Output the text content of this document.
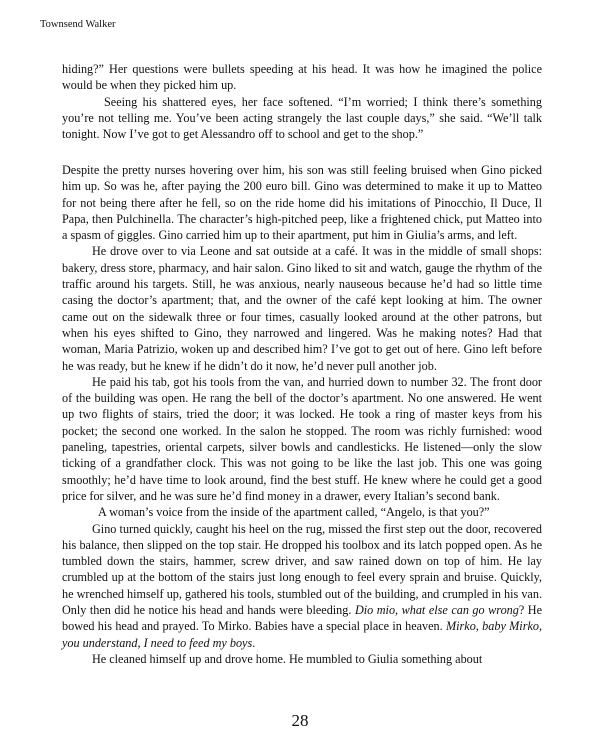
Townsend Walker

hiding?” Her questions were bullets speeding at his head. It was how he imagined the police would be when they picked him up.

Seeing his shattered eyes, her face softened. “I’m worried; I think there’s something you’re not telling me. You’ve been acting strangely the last couple days,” she said. “We’ll talk tonight. Now I’ve got to get Alessandro off to school and get to the shop.”

Despite the pretty nurses hovering over him, his son was still feeling bruised when Gino picked him up. So was he, after paying the 200 euro bill. Gino was determined to make it up to Matteo for not being there after he fell, so on the ride home did his imitations of Pinocchio, Il Duce, Il Papa, then Pulchinella. The character’s high-pitched peep, like a frightened chick, put Matteo into a spasm of giggles. Gino carried him up to their apartment, put him in Giulia’s arms, and left.

He drove over to via Leone and sat outside at a café. It was in the middle of small shops: bakery, dress store, pharmacy, and hair salon. Gino liked to sit and watch, gauge the rhythm of the traffic around his targets. Still, he was anxious, nearly nauseous because he’d had so little time casing the doctor’s apartment; that, and the owner of the café kept looking at him. The owner came out on the sidewalk three or four times, casually looked around at the other patrons, but when his eyes shifted to Gino, they narrowed and lingered. Was he making notes? Had that woman, Maria Patrizio, woken up and described him? I’ve got to get out of here. Gino left before he was ready, but he knew if he didn’t do it now, he’d never pull another job.

He paid his tab, got his tools from the van, and hurried down to number 32. The front door of the building was open. He rang the bell of the doctor’s apartment. No one answered. He went up two flights of stairs, tried the door; it was locked. He took a ring of master keys from his pocket; the second one worked. In the salon he stopped. The room was richly furnished: wood paneling, tapestries, oriental carpets, silver bowls and candlesticks. He listened—only the slow ticking of a grandfather clock. This was not going to be like the last job. This one was going smoothly; he’d have time to look around, find the best stuff. He knew where he could get a good price for silver, and he was sure he’d find money in a drawer, every Italian’s second bank.

A woman’s voice from the inside of the apartment called, “Angelo, is that you?”

Gino turned quickly, caught his heel on the rug, missed the first step out the door, recovered his balance, then slipped on the top stair. He dropped his toolbox and its latch popped open. As he tumbled down the stairs, hammer, screw driver, and saw rained down on top of him. He lay crumbled up at the bottom of the stairs just long enough to feel every sprain and bruise. Quickly, he wrenched himself up, gathered his tools, stumbled out of the building, and crumpled in his van. Only then did he notice his head and hands were bleeding. Dio mio, what else can go wrong? He bowed his head and prayed. To Mirko. Babies have a special place in heaven. Mirko, baby Mirko, you understand, I need to feed my boys.

He cleaned himself up and drove home. He mumbled to Giulia something about

28
